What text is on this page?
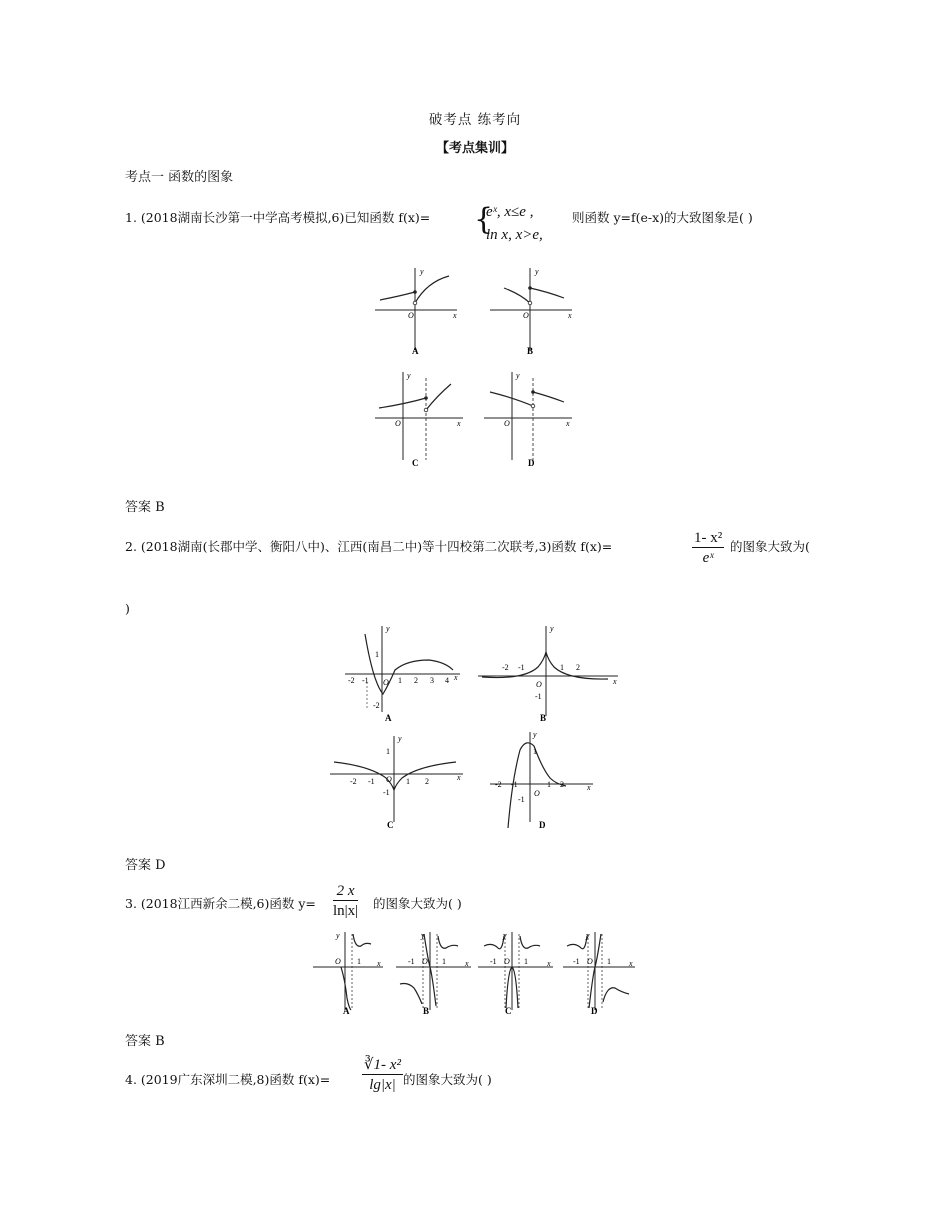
破考点 练考向
【考点集训】
考点一 函数的图象
1. (2018湖南长沙第一中学高考模拟,6)已知函数 f(x)= {
eˣ, x≤e ,
ln x, x>e,
则函数 y=f(e-x)的大致图象是( )
y
x
O
A
y
x
O
B
y
x
O
C
y
x
O
D
答案 B
2. (2018湖南(长郡中学、衡阳八中)、江西(南昌二中)等十四校第二次联考,3)函数 f(x)=	$\frac{\text{1- x²}}{\text{eˣ}}$ 的图象大致为(
)
y
x
O
-2 -1	1 2 3 4
1
-2
A
y
x
O
-2 -1	1 2
-1
B
y
x
O
-2 -1	1 2
1
-1
C
y
x
O
-2 -1	1 2
1
-1
D
答案 D
3. (2018江西新余二模,6)函数 $y= \frac{2 x}{\ln|x|}$ 的图象大致为( )
y
x
O 1
A
y
x
O
-1	1
B
y
x
O
-1	1
C
y
x
O
-1	1
D
答案 B
4. (2019广东深圳二模,8)函数 $f(x)= \frac{\text{∛1- x²}}{\lg|x|}$ 的图象大致为( )
